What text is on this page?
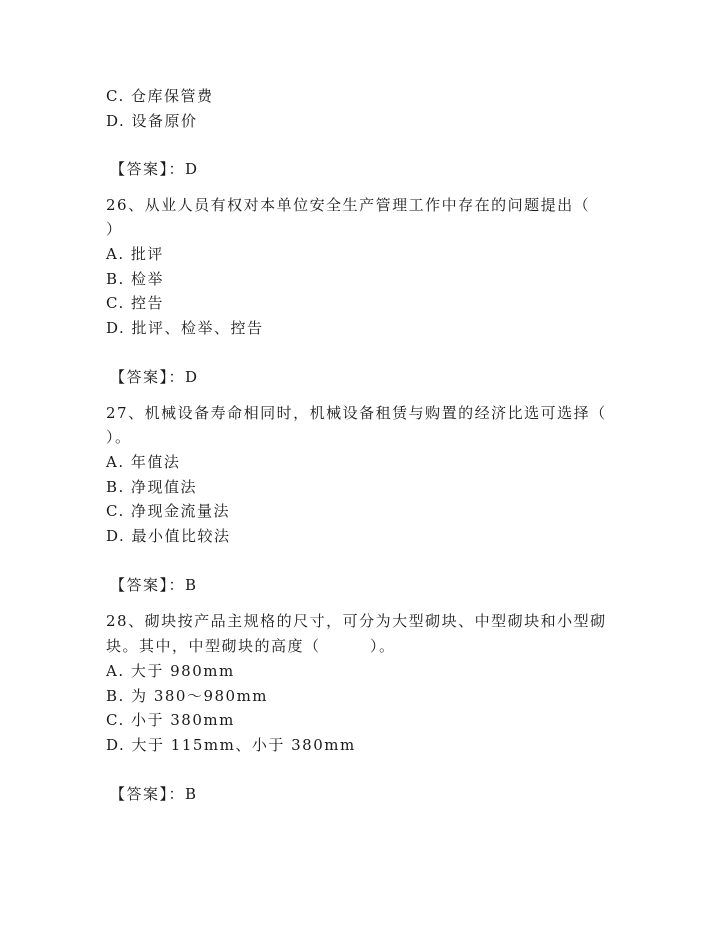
C. 仓库保管费
D. 设备原价
【答案】：D
26、从业人员有权对本单位安全生产管理工作中存在的问题提出（
）
A. 批评
B. 检举
C. 控告
D. 批评、检举、控告
【答案】：D
27、机械设备寿命相同时，机械设备租赁与购置的经济比选可选择（
）。
A. 年值法
B. 净现值法
C. 净现金流量法
D. 最小值比较法
【答案】：B
28、砌块按产品主规格的尺寸，可分为大型砌块、中型砌块和小型砌
块。其中，中型砌块的高度（　　　）。
A. 大于 980mm
B. 为 380～980mm
C. 小于 380mm
D. 大于 115mm、小于 380mm
【答案】：B
